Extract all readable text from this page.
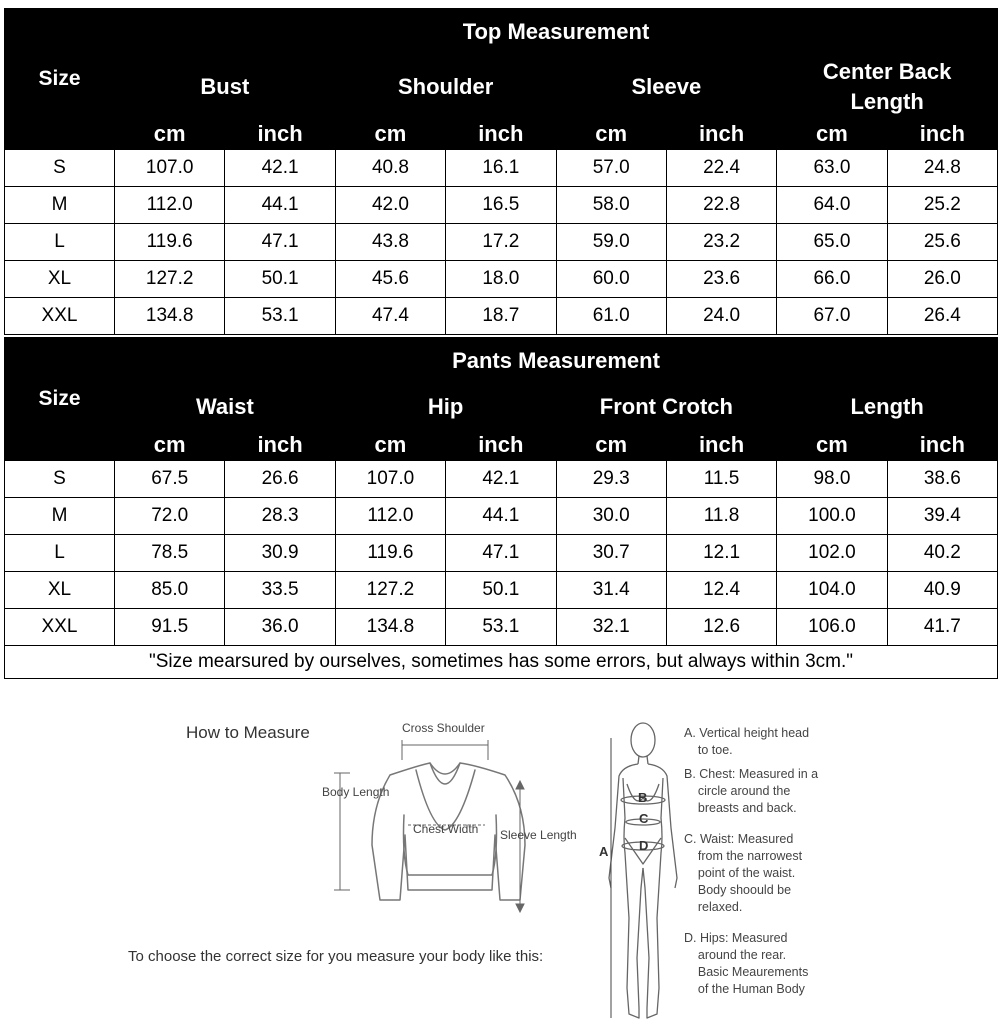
Size	Top Measurement							
	Bust		Shoulder		Sleeve		Center Back
Length	
	cm	inch	cm	inch	cm	inch	cm	inch
S	107.0	42.1	40.8	16.1	57.0	22.4	63.0	24.8
M	112.0	44.1	42.0	16.5	58.0	22.8	64.0	25.2
L	119.6	47.1	43.8	17.2	59.0	23.2	65.0	25.6
XL	127.2	50.1	45.6	18.0	60.0	23.6	66.0	26.0
XXL	134.8	53.1	47.4	18.7	61.0	24.0	67.0	26.4
Size	Pants Measurement							
	Waist		Hip		Front Crotch		Length	
	cm	inch	cm	inch	cm	inch	cm	inch
S	67.5	26.6	107.0	42.1	29.3	11.5	98.0	38.6
M	72.0	28.3	112.0	44.1	30.0	11.8	100.0	39.4
L	78.5	30.9	119.6	47.1	30.7	12.1	102.0	40.2
XL	85.0	33.5	127.2	50.1	31.4	12.4	104.0	40.9
XXL	91.5	36.0	134.8	53.1	32.1	12.6	106.0	41.7
"Size mearsured by ourselves, sometimes has some errors, but always within 3cm."								
How to Measure
To choose the correct size for you measure your body like this:
Cross Shoulder
Body Length
Chest Width Sleeve Length
B
C
D
A
A. Vertical height head
to toe.
B. Chest: Measured in a
circle around the
breasts and back.
C. Waist: Measured
from the narrowest
point of the waist.
Body shoould be
relaxed.
D. Hips: Measured
around the rear.
Basic Meaurements
of the Human Body
